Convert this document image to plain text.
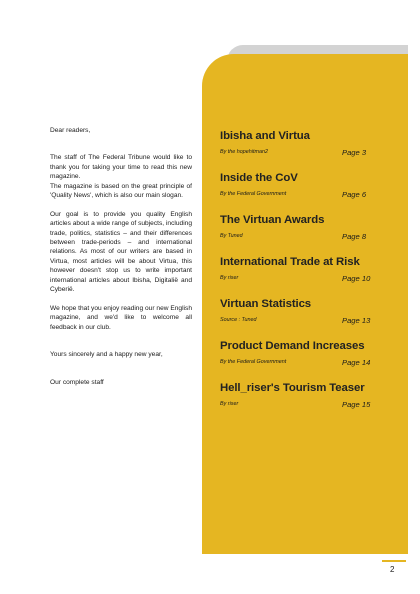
Dear readers,

The staff of The Federal Tribune would like to thank you for taking your time to read this new magazine.

The magazine is based on the great principle of 'Quality News', which is also our main slogan.

Our goal is to provide you quality English articles about a wide range of subjects, including trade, politics, statistics – and their differences between trade-periods – and international relations. As most of our writers are based in Virtua, most articles will be about Virtua, this however doesn't stop us to write important international articles about Ibisha, Digitalië and Cyberië.

We hope that you enjoy reading our new English magazine, and we'd like to welcome all feedback in our club.

Yours sincerely and a happy new year,

Our complete staff

Ibisha and Virtua
By the hopehitman2	Page 3
Inside the CoV
By the Federal Government	Page 6
The Virtuan Awards
By Tuned	Page 8
International Trade at Risk
By riser	Page 10
Virtuan Statistics
Source : Tuned	Page 13
Product Demand Increases
By the Federal Government	Page 14
Hell_riser's Tourism Teaser
By riser	Page 15
2
